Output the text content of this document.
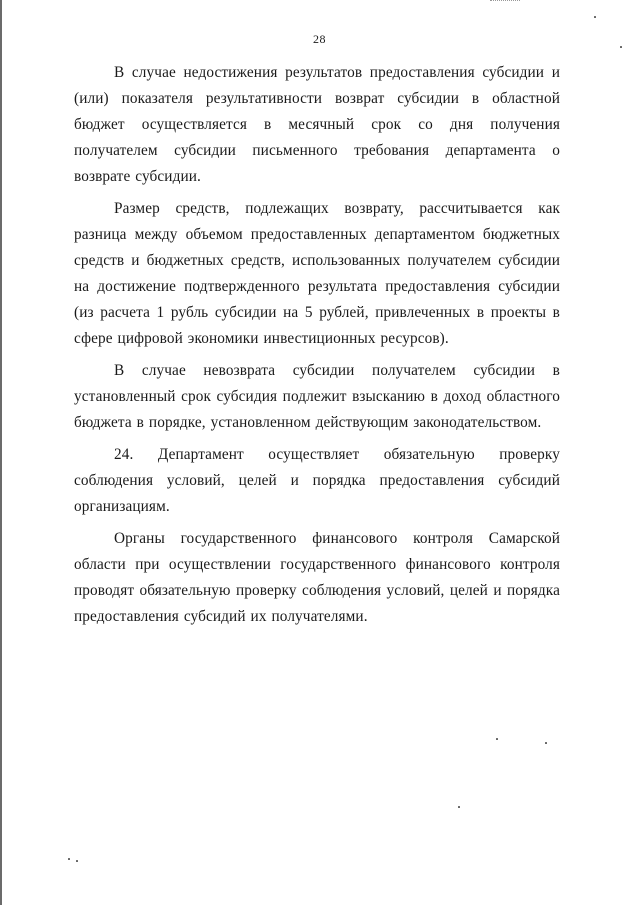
28

В случае недостижения результатов предоставления субсидии и (или) показателя результативности возврат субсидии в областной бюджет осуществляется в месячный срок со дня получения получателем субсидии письменного требования департамента о возврате субсидии.

Размер средств, подлежащих возврату, рассчитывается как разница между объемом предоставленных департаментом бюджетных средств и бюджетных средств, использованных получателем субсидии на достижение подтвержденного результата предоставления субсидии (из расчета 1 рубль субсидии на 5 рублей, привлеченных в проекты в сфере цифровой экономики инвестиционных ресурсов).

В случае невозврата субсидии получателем субсидии в установленный срок субсидия подлежит взысканию в доход областного бюджета в порядке, установленном действующим законодательством.

24. Департамент осуществляет обязательную проверку соблюдения условий, целей и порядка предоставления субсидий организациям.

Органы государственного финансового контроля Самарской области при осуществлении государственного финансового контроля проводят обязательную проверку соблюдения условий, целей и порядка предоставления субсидий их получателями.
